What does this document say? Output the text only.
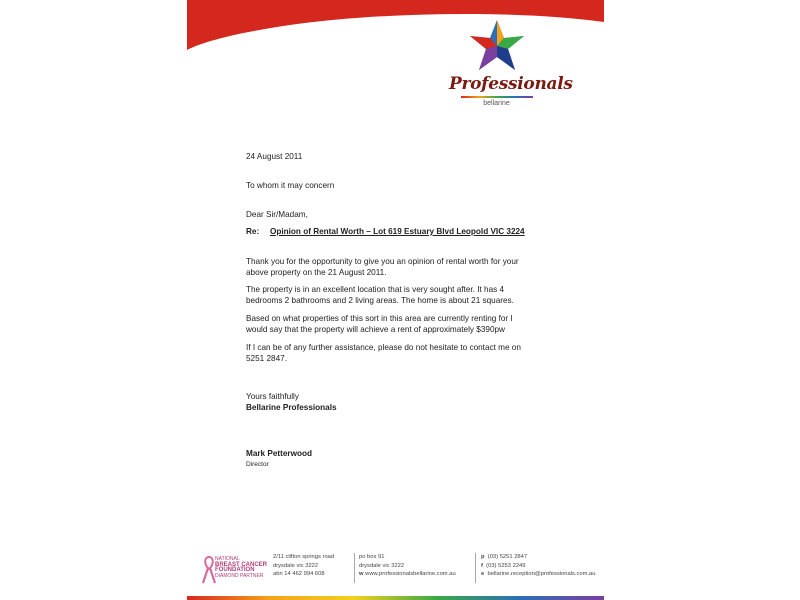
Professionals
bellarine
24 August 2011
To whom it may concern
Dear Sir/Madam,
Re: Opinion of Rental Worth – Lot 619 Estuary Blvd Leopold VIC 3224
Thank you for the opportunity to give you an opinion of rental worth for your
above property on the 21 August 2011.
The property is in an excellent location that is very sought after. It has 4
bedrooms 2 bathrooms and 2 living areas. The home is about 21 squares.
Based on what properties of this sort in this area are currently renting for I
would say that the property will achieve a rent of approximately $390pw
If I can be of any further assistance, please do not hesitate to contact me on
5251 2847.
Yours faithfully
Bellarine Professionals
Mark Petterwood
Director
NATIONAL
BREAST CANCER
FOUNDATION
DIAMOND PARTNER
2/11 clifton springs road
drysdale vic 3222
abn 14 462 994 608
po box 91
drysdale vic 3222
w www.professionalsbellarine.com.au
p (03) 5251 2847
f (03) 5253 2249
e bellarine.reception@professionals.com.au
